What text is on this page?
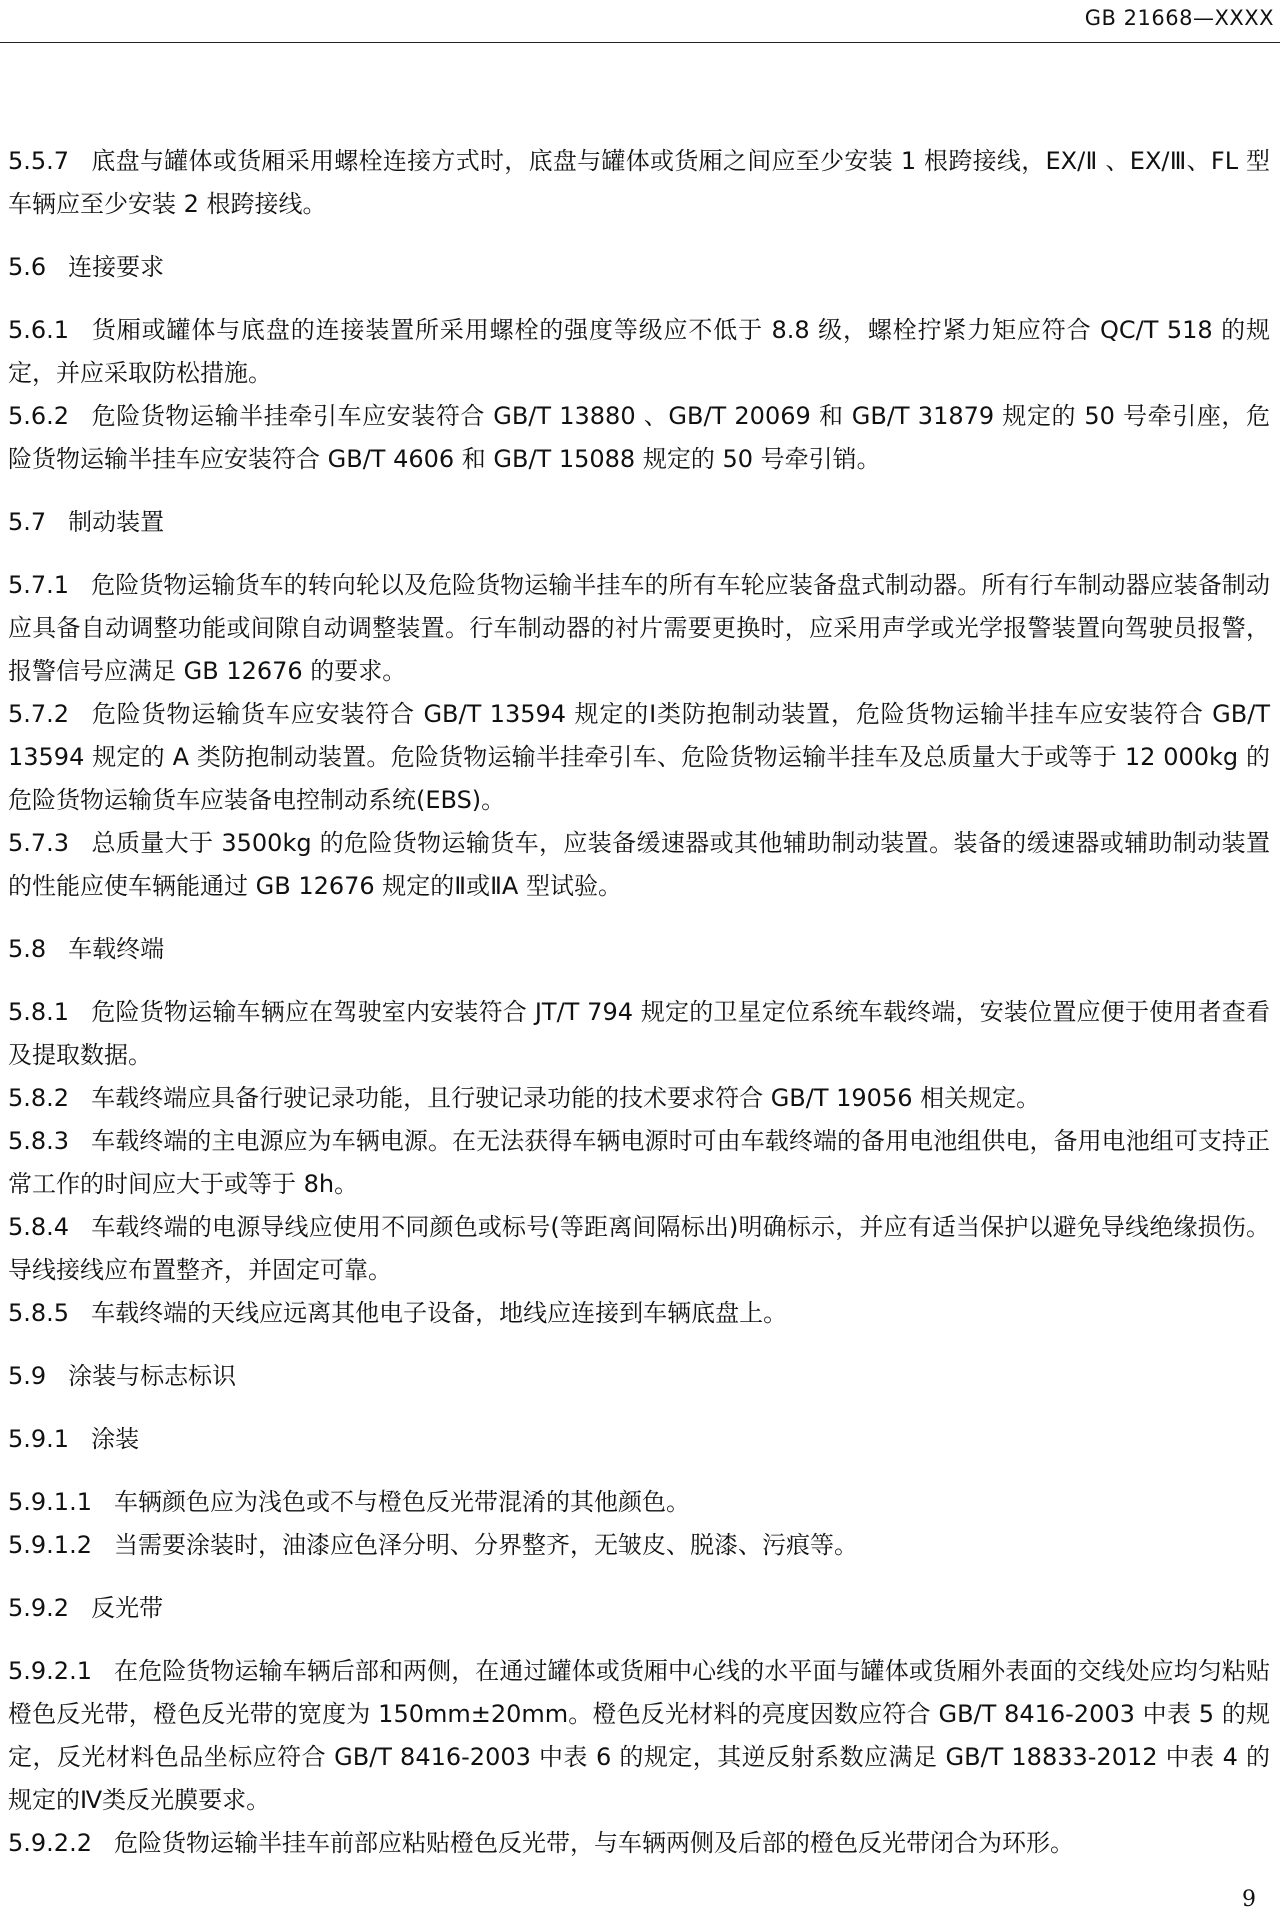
GB 21668—XXXX
5.5.7 底盘与罐体或货厢采用螺栓连接方式时，底盘与罐体或货厢之间应至少安装 1 根跨接线，EX/Ⅱ 、EX/Ⅲ、FL 型车辆应至少安装 2 根跨接线。
5.6 连接要求
5.6.1 货厢或罐体与底盘的连接装置所采用螺栓的强度等级应不低于 8.8 级，螺栓拧紧力矩应符合 QC/T 518 的规定，并应采取防松措施。
5.6.2 危险货物运输半挂牵引车应安装符合 GB/T 13880 、GB/T 20069 和 GB/T 31879 规定的 50 号牵引座，危险货物运输半挂车应安装符合 GB/T 4606 和 GB/T 15088 规定的 50 号牵引销。
5.7 制动装置
5.7.1 危险货物运输货车的转向轮以及危险货物运输半挂车的所有车轮应装备盘式制动器。所有行车制动器应装备制动应具备自动调整功能或间隙自动调整装置。行车制动器的衬片需要更换时，应采用声学或光学报警装置向驾驶员报警，报警信号应满足 GB 12676 的要求。
5.7.2 危险货物运输货车应安装符合 GB/T 13594 规定的Ⅰ类防抱制动装置，危险货物运输半挂车应安装符合 GB/T 13594 规定的 A 类防抱制动装置。危险货物运输半挂牵引车、危险货物运输半挂车及总质量大于或等于 12 000kg 的危险货物运输货车应装备电控制动系统(EBS)。
5.7.3 总质量大于 3500kg 的危险货物运输货车，应装备缓速器或其他辅助制动装置。装备的缓速器或辅助制动装置的性能应使车辆能通过 GB 12676 规定的Ⅱ或ⅡA 型试验。
5.8 车载终端
5.8.1 危险货物运输车辆应在驾驶室内安装符合 JT/T 794 规定的卫星定位系统车载终端，安装位置应便于使用者查看及提取数据。
5.8.2 车载终端应具备行驶记录功能，且行驶记录功能的技术要求符合 GB/T 19056 相关规定。
5.8.3 车载终端的主电源应为车辆电源。在无法获得车辆电源时可由车载终端的备用电池组供电，备用电池组可支持正常工作的时间应大于或等于 8h。
5.8.4 车载终端的电源导线应使用不同颜色或标号(等距离间隔标出)明确标示，并应有适当保护以避免导线绝缘损伤。导线接线应布置整齐，并固定可靠。
5.8.5 车载终端的天线应远离其他电子设备，地线应连接到车辆底盘上。
5.9 涂装与标志标识
5.9.1 涂装
5.9.1.1 车辆颜色应为浅色或不与橙色反光带混淆的其他颜色。
5.9.1.2 当需要涂装时，油漆应色泽分明、分界整齐，无皱皮、脱漆、污痕等。
5.9.2 反光带
5.9.2.1 在危险货物运输车辆后部和两侧，在通过罐体或货厢中心线的水平面与罐体或货厢外表面的交线处应均匀粘贴橙色反光带，橙色反光带的宽度为 150mm±20mm。橙色反光材料的亮度因数应符合 GB/T 8416-2003 中表 5 的规定，反光材料色品坐标应符合 GB/T 8416-2003 中表 6 的规定，其逆反射系数应满足 GB/T 18833-2012 中表 4 的规定的Ⅳ类反光膜要求。
5.9.2.2 危险货物运输半挂车前部应粘贴橙色反光带，与车辆两侧及后部的橙色反光带闭合为环形。
9
